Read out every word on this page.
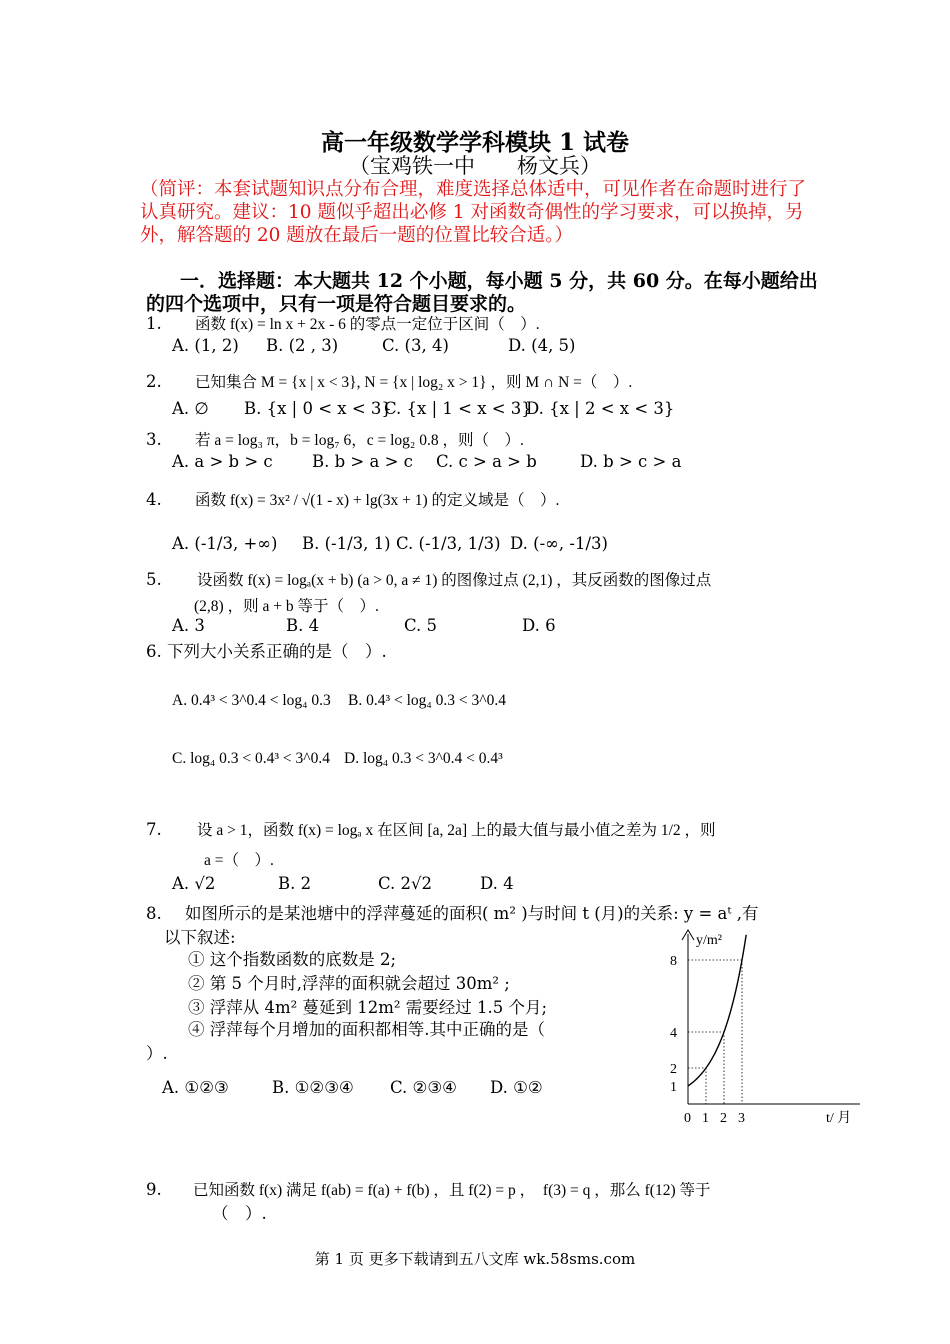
高一年级数学学科模块 1 试卷
（宝鸡铁一中　　杨文兵）
（简评：本套试题知识点分布合理，难度选择总体适中，可见作者在命题时进行了认真研究。建议：10 题似乎超出必修 1 对函数奇偶性的学习要求，可以换掉，另外，解答题的 20 题放在最后一题的位置比较合适。）
一．选择题：本大题共 12 个小题，每小题 5 分，共 60 分。在每小题给出的四个选项中，只有一项是符合题目要求的。
1. 函数 f(x) = ln x + 2x - 6 的零点一定位于区间（　）.
A. (1, 2) B. (2 , 3)	C. (3, 4)	D. (4, 5)
2. 已知集合 M = {x | x < 3}, N = {x | log₂ x > 1} ，则 M ∩ N =（　）.
A. ∅ B. {x | 0 < x < 3}
C. {x | 1 < x < 3}
D. {x | 2 < x < 3}
3. 若 a = log₃ π，b = log₇ 6，c = log₂ 0.8 ，则（　）.
A. a > b > c B. b > a > c C. c > a > b	D. b > c > a
4. 函数 f(x) = 3x² / √(1 - x) + lg(3x + 1) 的定义域是（　）.
A. (-1/3, +∞) B. (-1/3, 1) C. (-1/3, 1/3) D. (-∞, -1/3)
5. 设函数 f(x) = logₐ(x + b) (a > 0, a ≠ 1) 的图像过点 (2,1) ，其反函数的图像过点
(2,8) ，则 a + b 等于（　）.
A. 3	B. 4	C. 5	D. 6
6. 下列大小关系正确的是（　）.
A. 0.4³ < 3^0.4 < log₄ 0.3 B. 0.4³ < log₄ 0.3 < 3^0.4
C. log₄ 0.3 < 0.4³ < 3^0.4 D. log₄ 0.3 < 3^0.4 < 0.4³
7. 设 a > 1，函数 f(x) = logₐ x 在区间 [a, 2a] 上的最大值与最小值之差为 1/2 ，则
a =（　）.
A. √2	B. 2	C. 2√2	D. 4
8. 如图所示的是某池塘中的浮萍蔓延的面积( m² )与时间 t (月)的关系: y = aᵗ ,有
以下叙述:
① 这个指数函数的底数是 2;
② 第 5 个月时,浮萍的面积就会超过 30m² ;
③ 浮萍从 4m² 蔓延到 12m² 需要经过 1.5 个月;
④ 浮萍每个月增加的面积都相等.其中正确的是（
）.
A. ①②③	B. ①②③④ C. ②③④ D. ①②
y/m²
t/ 月
0 1 2 3
1
2
4
8
9. 已知函数 f(x) 满足 f(ab) = f(a) + f(b) ，且 f(2) = p ，　f(3) = q ，那么 f(12) 等于
（　）.
第 1 页 更多下载请到五八文库 wk.58sms.com
